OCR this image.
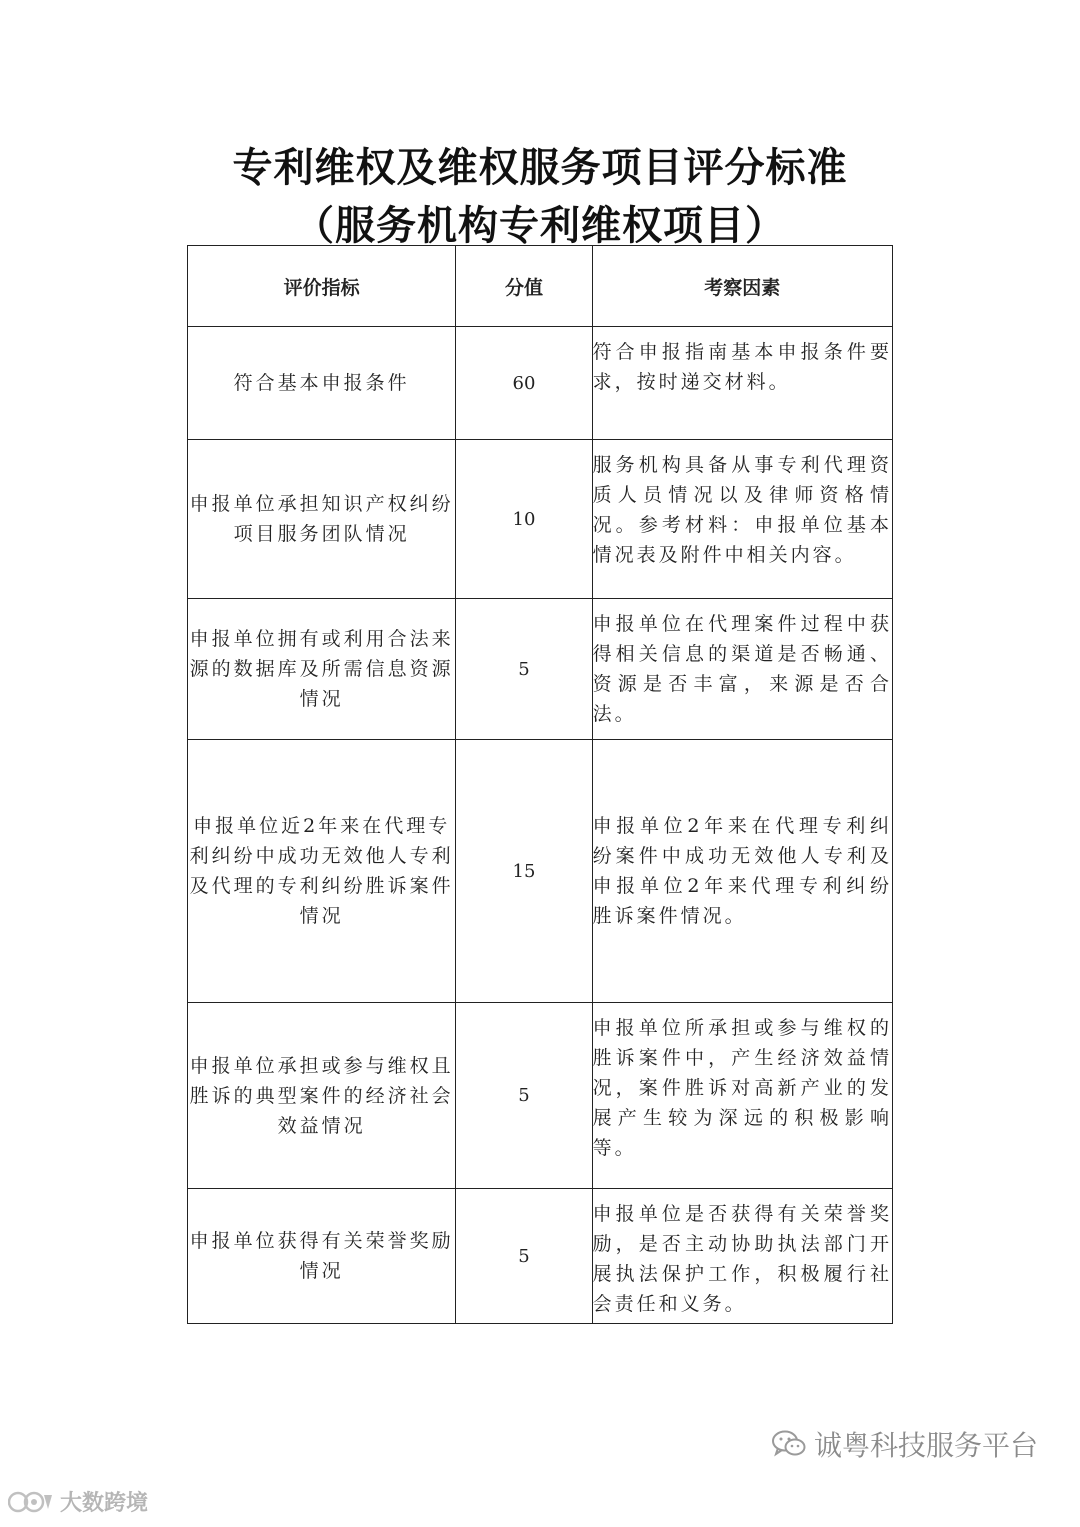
专利维权及维权服务项目评分标准
（服务机构专利维权项目）
评价指标	分值	考察因素
符合基本申报条件	60	符合申报指南基本申报条件要求，按时递交材料。
申报单位承担知识产权纠纷项目服务团队情况	10	服务机构具备从事专利代理资质人员情况以及律师资格情况。参考材料：申报单位基本情况表及附件中相关内容。
申报单位拥有或利用合法来源的数据库及所需信息资源情况	5	申报单位在代理案件过程中获得相关信息的渠道是否畅通、资源是否丰富，来源是否合法。
申报单位近2年来在代理专利纠纷中成功无效他人专利及代理的专利纠纷胜诉案件情况	15	申报单位2年来在代理专利纠纷案件中成功无效他人专利及申报单位2年来代理专利纠纷胜诉案件情况。
申报单位承担或参与维权且胜诉的典型案件的经济社会效益情况	5	申报单位所承担或参与维权的胜诉案件中，产生经济效益情况，案件胜诉对高新产业的发展产生较为深远的积极影响等。
申报单位获得有关荣誉奖励情况	5	申报单位是否获得有关荣誉奖励，是否主动协助执法部门开展执法保护工作，积极履行社会责任和义务。
诚粤科技服务平台
大数跨境
